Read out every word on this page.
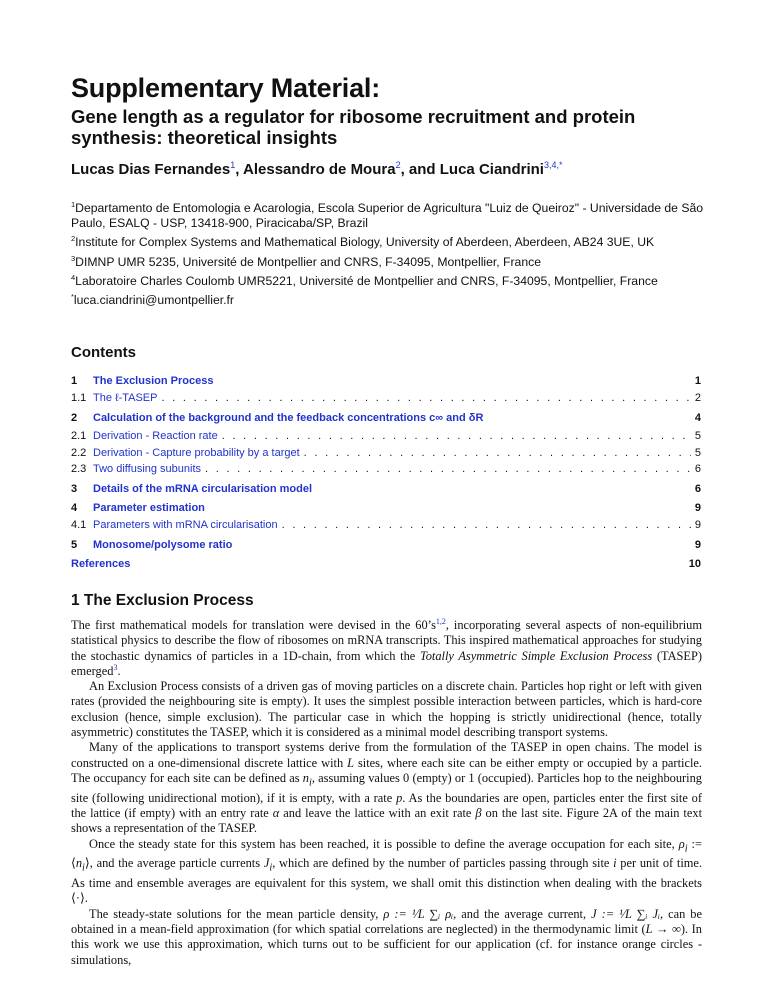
Supplementary Material:
Gene length as a regulator for ribosome recruitment and protein synthesis: theoretical insights
Lucas Dias Fernandes$^1$, Alessandro de Moura$^2$, and Luca Ciandrini$^{3,4,*}$
$^1$Departamento de Entomologia e Acarologia, Escola Superior de Agricultura "Luiz de Queiroz" - Universidade de São Paulo, ESALQ - USP, 13418-900, Piracicaba/SP, Brazil
$^2$Institute for Complex Systems and Mathematical Biology, University of Aberdeen, Aberdeen, AB24 3UE, UK
$^3$DIMNP UMR 5235, Université de Montpellier and CNRS, F-34095, Montpellier, France
$^4$Laboratoire Charles Coulomb UMR5221, Université de Montpellier and CNRS, F-34095, Montpellier, France
*luca.ciandrini@umontpellier.fr
Contents
1	The Exclusion Process	1
1.1 The ℓ-TASEP . . .	2
2	Calculation of the background and the feedback concentrations c∞ and δR	4
2.1 Derivation - Reaction rate . . .	5
2.2 Derivation - Capture probability by a target . . .	5
2.3 Two diffusing subunits . . .	6
3	Details of the mRNA circularisation model	6
4	Parameter estimation	9
4.1 Parameters with mRNA circularisation . . .	9
5	Monosome/polysome ratio	9
References	10
1 The Exclusion Process

The first mathematical models for translation were devised in the $60’s^{1,2}$, incorporating several aspects of non-equilibrium statistical physics to describe the flow of ribosomes on mRNA transcripts. This inspired mathematical approaches for studying the stochastic dynamics of particles in a 1D-chain, from which the Totally Asymmetric Simple Exclusion Process (TASEP) emerged$^3$.

An Exclusion Process consists of a driven gas of moving particles on a discrete chain. Particles hop right or left with given rates (provided the neighbouring site is empty). It uses the simplest possible interaction between particles, which is hard-core exclusion (hence, simple exclusion). The particular case in which the hopping is strictly unidirectional (hence, totally asymmetric) constitutes the TASEP, which it is considered as a minimal model describing transport systems.

Many of the applications to transport systems derive from the formulation of the TASEP in open chains. The model is constructed on a one-dimensional discrete lattice with L sites, where each site can be either empty or occupied by a particle. The occupancy for each site can be defined as $n_i$, assuming values 0 (empty) or 1 (occupied). Particles hop to the neighbouring site (following unidirectional motion), if it is empty, with a rate p. As the boundaries are open, particles enter the first site of the lattice (if empty) with an entry rate α and leave the lattice with an exit rate β on the last site. Figure 2A of the main text shows a representation of the TASEP.

Once the steady state for this system has been reached, it is possible to define the average occupation for each site, $\rho_i$ := $⟨n_i⟩$, and the average particle currents $J_i$, which are defined by the number of particles passing through site i per unit of time. As time and ensemble averages are equivalent for this system, we shall omit this distinction when dealing with the brackets ⟨·⟩.

The steady-state solutions for the mean particle density, ρ := ¹⁄L ∑ᵢ ρᵢ, and the average current, J := ¹⁄L ∑ᵢ Jᵢ, can be obtained in a mean-field approximation (for which spatial correlations are neglected) in the thermodynamic limit (L → ∞). In this work we use this approximation, which turns out to be sufficient for our application (cf. for instance orange circles -simulations,
